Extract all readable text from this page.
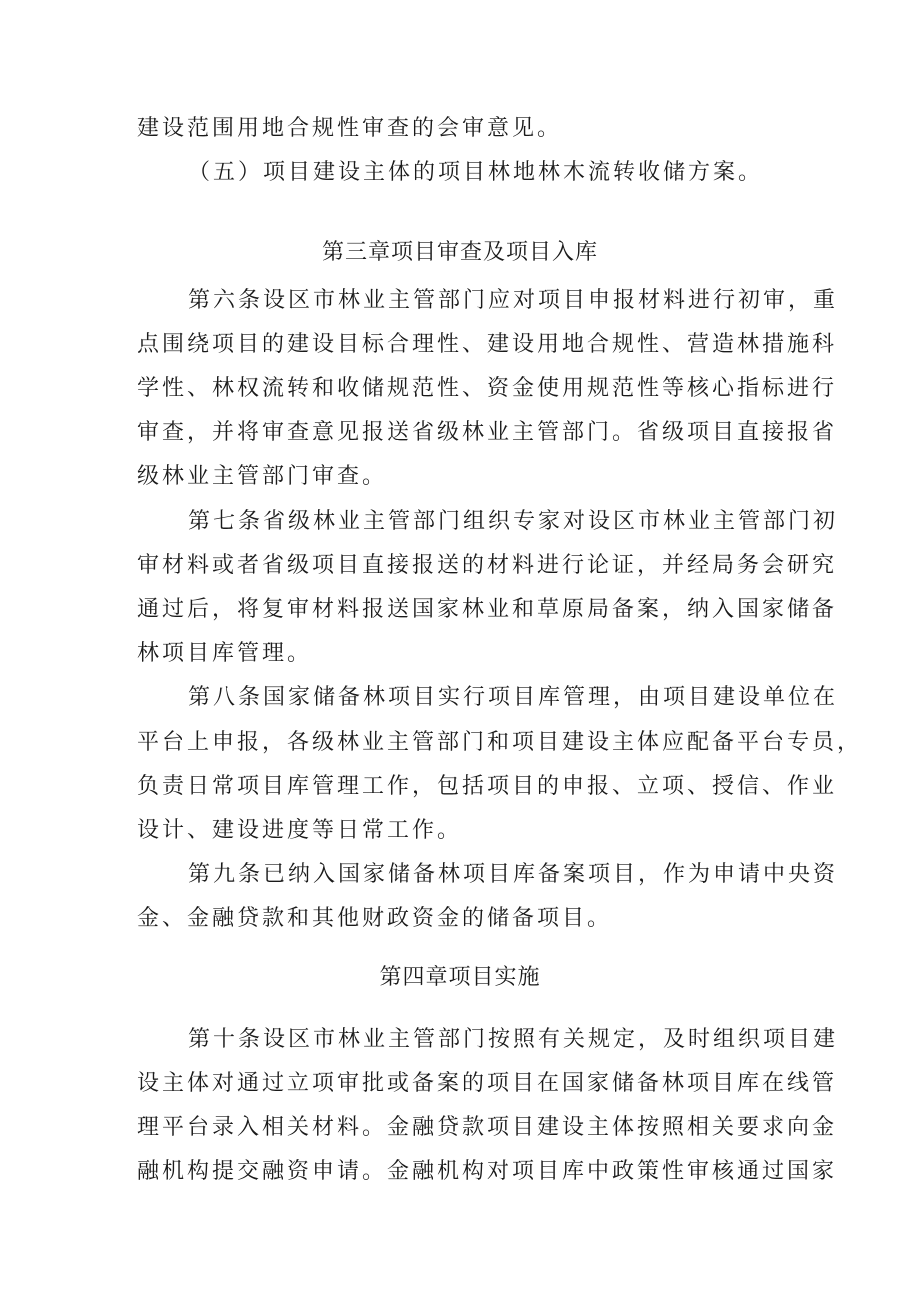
建设范围用地合规性审查的会审意见。
（五）项目建设主体的项目林地林木流转收储方案。
第三章项目审查及项目入库
第六条设区市林业主管部门应对项目申报材料进行初审，重
点围绕项目的建设目标合理性、建设用地合规性、营造林措施科
学性、林权流转和收储规范性、资金使用规范性等核心指标进行
审查，并将审查意见报送省级林业主管部门。省级项目直接报省
级林业主管部门审查。
第七条省级林业主管部门组织专家对设区市林业主管部门初
审材料或者省级项目直接报送的材料进行论证，并经局务会研究
通过后，将复审材料报送国家林业和草原局备案，纳入国家储备
林项目库管理。
第八条国家储备林项目实行项目库管理，由项目建设单位在
平台上申报，各级林业主管部门和项目建设主体应配备平台专员，
负责日常项目库管理工作，包括项目的申报、立项、授信、作业
设计、建设进度等日常工作。
第九条已纳入国家储备林项目库备案项目，作为申请中央资
金、金融贷款和其他财政资金的储备项目。
第四章项目实施
第十条设区市林业主管部门按照有关规定，及时组织项目建
设主体对通过立项审批或备案的项目在国家储备林项目库在线管
理平台录入相关材料。金融贷款项目建设主体按照相关要求向金
融机构提交融资申请。金融机构对项目库中政策性审核通过国家
